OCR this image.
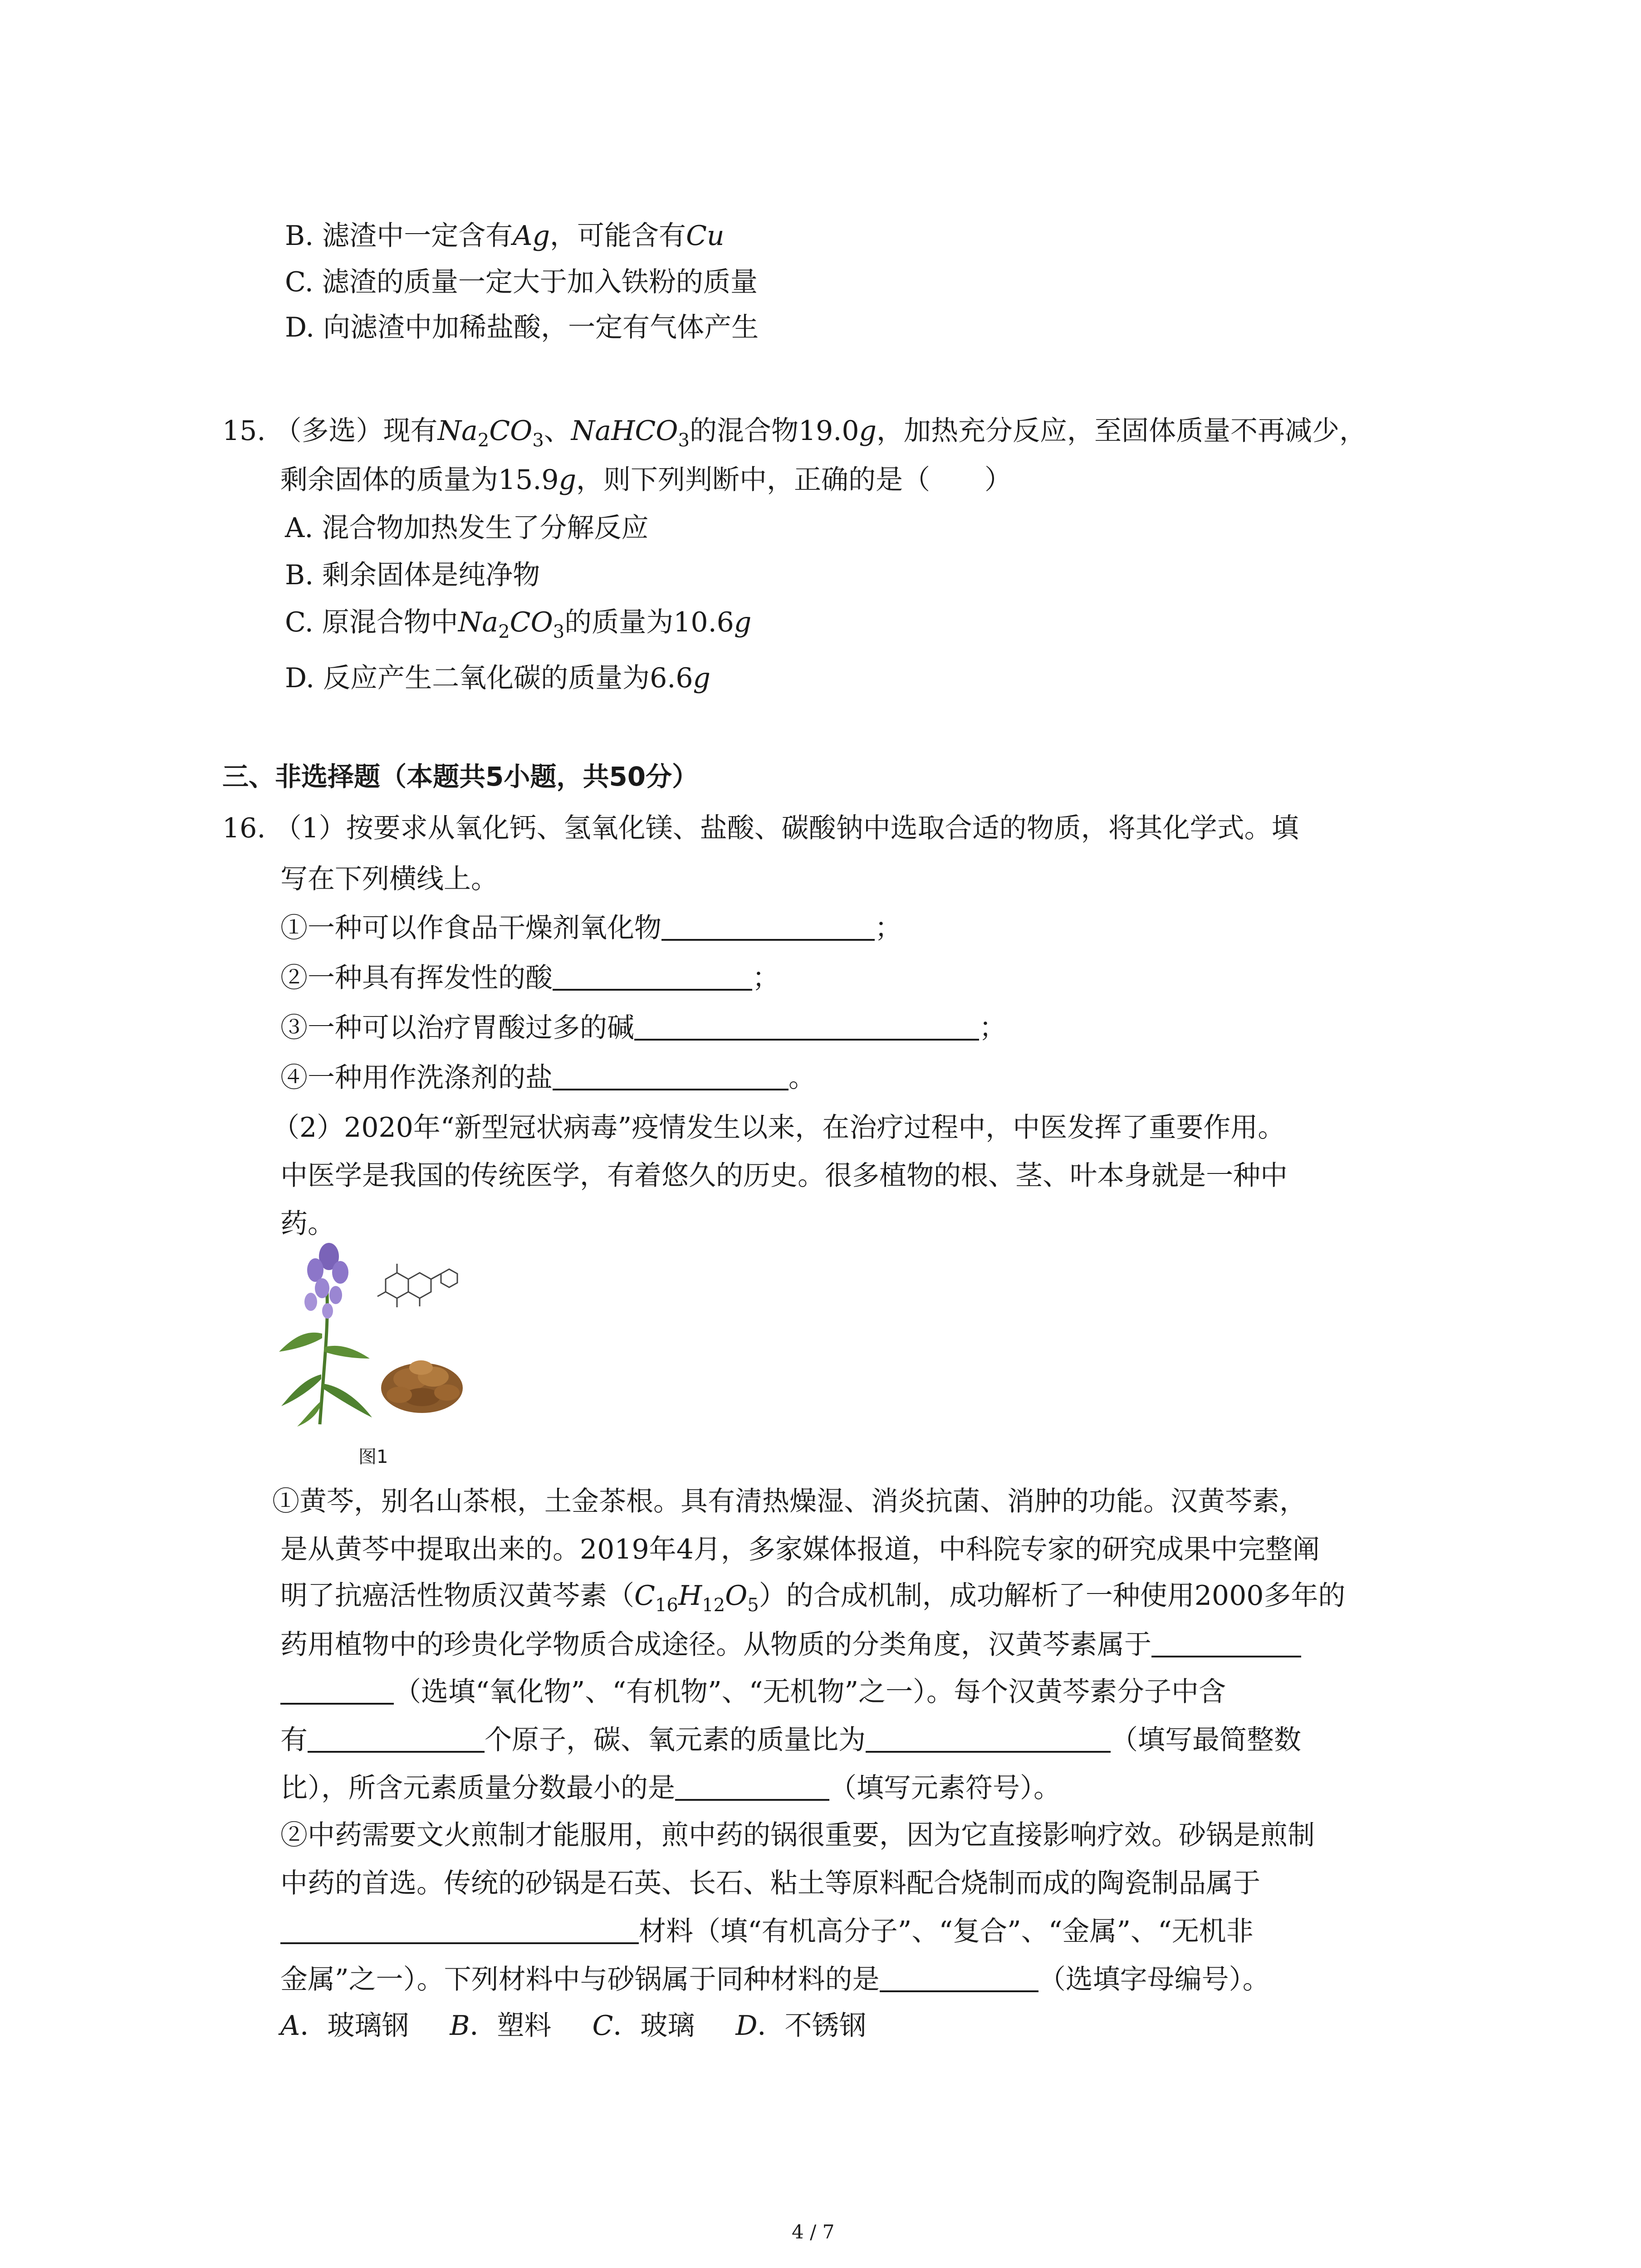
B. 滤渣中一定含有Ag，可能含有Cu
C. 滤渣的质量一定大于加入铁粉的质量
D. 向滤渣中加稀盐酸，一定有气体产生
15. （多选）现有$Na_2CO_3$、NaHCO$_3$的混合物19.0g，加热充分反应，至固体质量不再减少，
剩余固体的质量为15.9g，则下列判断中，正确的是（　　）
A. 混合物加热发生了分解反应
B. 剩余固体是纯净物
C. 原混合物中$Na_2CO_3$的质量为10.6g
D. 反应产生二氧化碳的质量为6.6g
三、非选择题（本题共5小题，共50分）
16. （1）按要求从氧化钙、氢氧化镁、盐酸、碳酸钠中选取合适的物质，将其化学式。填
写在下列横线上。
①一种可以作食品干燥剂氧化物	；
②一种具有挥发性的酸	；
③一种可以治疗胃酸过多的碱	；
④一种用作洗涤剂的盐	。
（2）2020年“新型冠状病毒”疫情发生以来，在治疗过程中，中医发挥了重要作用。
中医学是我国的传统医学，有着悠久的历史。很多植物的根、茎、叶本身就是一种中
药。
图1
①黄芩，别名山茶根，土金茶根。具有清热燥湿、消炎抗菌、消肿的功能。汉黄芩素，
是从黄芩中提取出来的。2019年4月，多家媒体报道，中科院专家的研究成果中完整阐
明了抗癌活性物质汉黄芩素$(C_{16}H_{12}O_5)$的合成机制，成功解析了一种使用2000多年的
药用植物中的珍贵化学物质合成途径。从物质的分类角度，汉黄芩素属于
（选填“氧化物”、“有机物”、“无机物”之一）。每个汉黄芩素分子中含
有	个原子，碳、氧元素的质量比为	（填写最简整数
比），所含元素质量分数最小的是	（填写元素符号）。
②中药需要文火煎制才能服用，煎中药的锅很重要，因为它直接影响疗效。砂锅是煎制
中药的首选。传统的砂锅是石英、长石、粘土等原料配合烧制而成的陶瓷制品属于
材料（填“有机高分子”、“复合”、“金属”、“无机非
金属”之一）。下列材料中与砂锅属于同种材料的是	（选填字母编号）。
A．玻璃钢 B．塑料 C．玻璃 D．不锈钢
4 / 7
